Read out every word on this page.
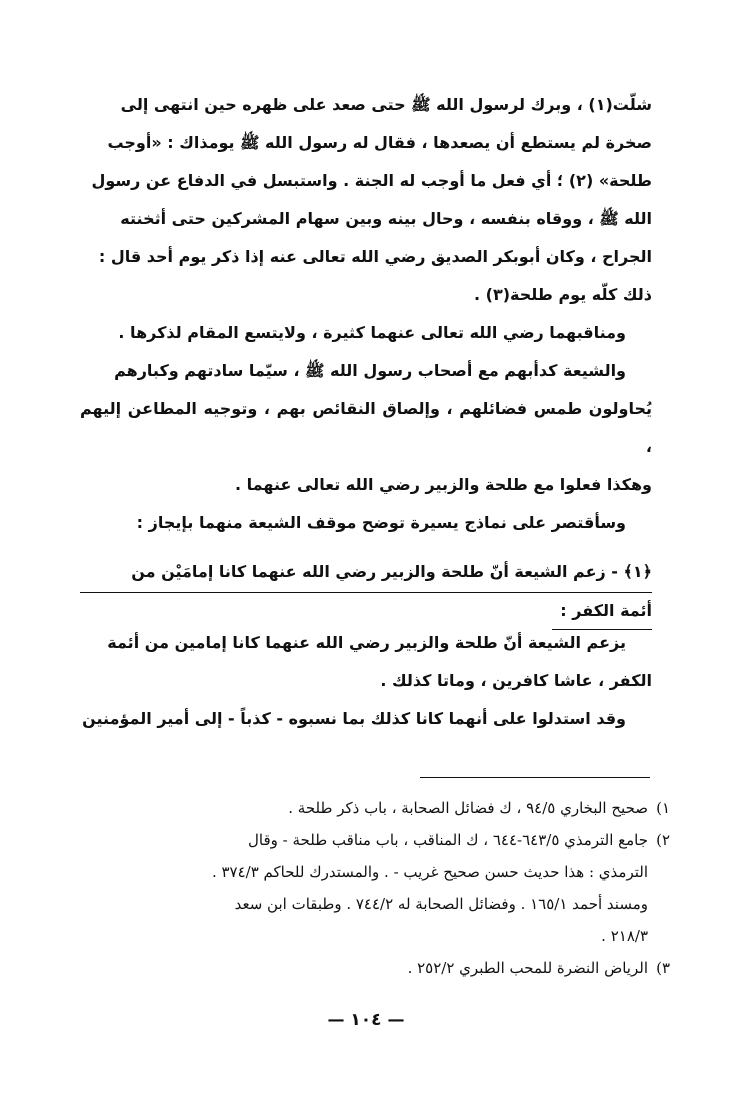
شلّت(١) ، وبرك لرسول الله ﷺ حتى صعد على ظهره حين انتهى إلى

صخرة لم يستطع أن يصعدها ، فقال له رسول الله ﷺ يومذاك : «أوجب

طلحة» (٢) ؛ أي فعل ما أوجب له الجنة . واستبسل في الدفاع عن رسول

الله ﷺ ، ووقاه بنفسه ، وحال بينه وبين سهام المشركين حتى أثخنته

الجراح ، وكان أبوبكر الصديق رضي الله تعالى عنه إذا ذكر يوم أحد قال :

ذلك كلّه يوم طلحة(٣) .

ومناقبهما رضي الله تعالى عنهما كثيرة ، ولايتسع المقام لذكرها .

والشيعة كدأبهم مع أصحاب رسول الله ﷺ ، سيّما سادتهم وكبارهم

يُحاولون طمس فضائلهم ، وإلصاق النقائص بهم ، وتوجيه المطاعن إليهم ،

وهكذا فعلوا مع طلحة والزبير رضي الله تعالى عنهما .

وسأقتصر على نماذج يسيرة توضح موقف الشيعة منهما بإيجاز :

﴿١﴾ - زعم الشيعة أنّ طلحة والزبير رضي الله عنهما كانا إمامَيْن من

أئمة الكفر :

يزعم الشيعة أنّ طلحة والزبير رضي الله عنهما كانا إمامين من أئمة

الكفر ، عاشا كافرين ، وماتا كذلك .

وقد استدلوا على أنهما كانا كذلك بما نسبوه - كذباً - إلى أمير المؤمنين

١)صحيح البخاري ٩٤/٥ ، ك فضائل الصحابة ، باب ذكر طلحة .

٢)جامع الترمذي ٦٤٣/٥-٦٤٤ ، ك المناقب ، باب مناقب طلحة - وقال

الترمذي : هذا حديث حسن صحيح غريب - . والمستدرك للحاكم ٣٧٤/٣ .

ومسند أحمد ١٦٥/١ . وفضائل الصحابة له ٧٤٤/٢ . وطبقات ابن سعد

٢١٨/٣ .

٣)الرياض النضرة للمحب الطبري ٢٥٢/٢ .

— ١٠٤ —
